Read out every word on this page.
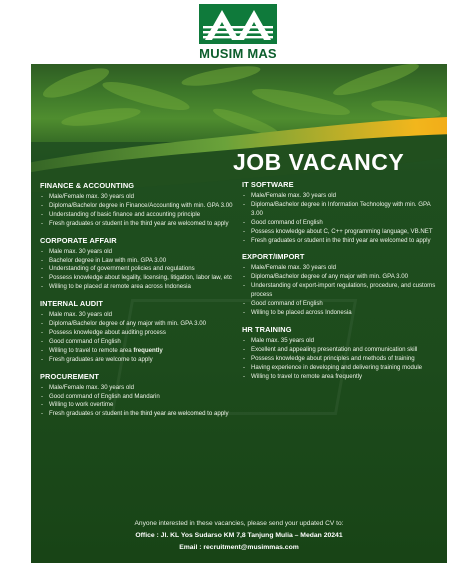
MUSIM MAS
JOB VACANCY
FINANCE & ACCOUNTING
- Male/Female max. 30 years old
- Diploma/Bachelor degree in Finance/Accounting with min. GPA 3.00
- Understanding of basic finance and accounting principle
- Fresh graduates or student in the third year are welcomed to apply
CORPORATE AFFAIR
- Male max. 30 years old
- Bachelor degree in Law with min. GPA 3.00
- Understanding of government policies and regulations
- Possess knowledge about legality, licensing, litigation, labor law, etc
- Willing to be placed at remote area across Indonesia
INTERNAL AUDIT
- Male max. 30 years old
- Diploma/Bachelor degree of any major with min. GPA 3.00
- Possess knowledge about auditing process
- Good command of English
- Willing to travel to remote area frequently
- Fresh graduates are welcome to apply
PROCUREMENT
- Male/Female max. 30 years old
- Good command of English and Mandarin
- Willing to work overtime
- Fresh graduates or student in the third year are welcomed to apply
IT SOFTWARE
- Male/Female max. 30 years old
- Diploma/Bachelor degree in Information Technology with min. GPA 3.00
- Good command of English
- Possess knowledge about C, C++ programming language, VB.NET
- Fresh graduates or student in the third year are welcomed to apply
EXPORT/IMPORT
- Male/Female max. 30 years old
- Diploma/Bachelor degree of any major with min. GPA 3.00
- Understanding of export-import regulations, procedure, and customs process
- Good command of English
- Willing to be placed across Indonesia
HR TRAINING
- Male max. 35 years old
- Excellent and appealing presentation and communication skill
- Possess knowledge about principles and methods of training
- Having experience in developing and delivering training module
- Willing to travel to remote area frequently
Anyone interested in these vacancies, please send your updated CV to:
Office : Jl. KL Yos Sudarso KM 7,8 Tanjung Mulia – Medan 20241
Email : recruitment@musimmas.com
